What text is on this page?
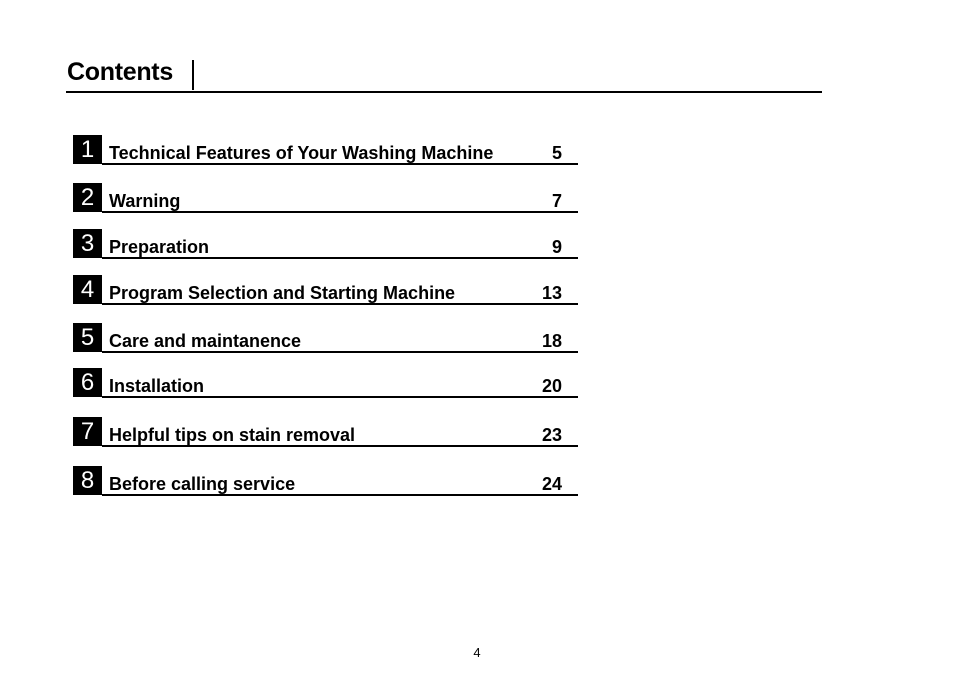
Contents
1 Technical Features of Your Washing Machine	5
2 Warning	7
3 Preparation	9
4 Program Selection and Starting Machine	13
5 Care and maintanence	18
6 Installation	20
7 Helpful tips on stain removal	23
8 Before calling service	24
4
